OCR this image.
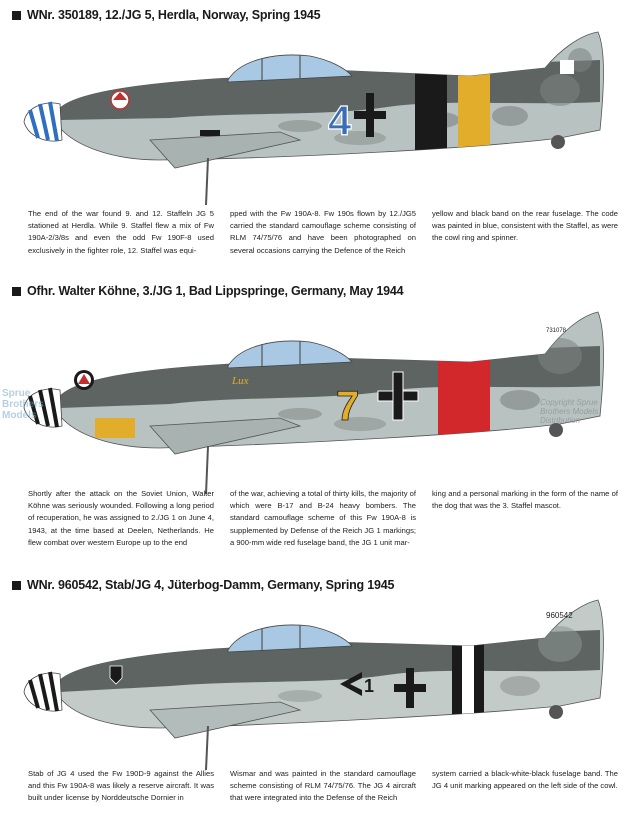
WNr. 350189, 12./JG 5, Herdla, Norway, Spring 1945
4
The end of the war found 9. and 12. Staffeln JG 5 stationed at Herdla. While 9. Staffel flew a mix of Fw 190A-2/3/8s and even the odd Fw 190F-8 used exclusively in the fighter role, 12. Staffel was equi-
pped with the Fw 190A-8. Fw 190s flown by 12./JG5 carried the standard camouflage scheme consisting of RLM 74/75/76 and have been photographed on several occasions carrying the Defence of the Reich
yellow and black band on the rear fuselage. The code was painted in blue, consistent with the Staffel, as were the cowl ring and spinner.
Ofhr. Walter Köhne, 3./JG 1, Bad Lippspringe, Germany, May 1944
Lux
7
731078
Sprue Brothers Models
Copyright Sprue Brothers Models Distribution
Shortly after the attack on the Soviet Union, Walter Köhne was seriously wounded. Following a long period of recuperation, he was assigned to 2./JG 1 on June 4, 1943, at the time based at Deelen, Netherlands. He flew combat over western Europe up to the end
of the war, achieving a total of thirty kills, the majority of which were B-17 and B-24 heavy bombers. The standard camouflage scheme of this Fw 190A-8 is supplemented by Defense of the Reich JG 1 markings; a 900-mm wide red fuselage band, the JG 1 unit mar-
king and a personal marking in the form of the name of the dog that was the 3. Staffel mascot.
WNr. 960542, Stab/JG 4, Jüterbog-Damm, Germany, Spring 1945
1
960542
Stab of JG 4 used the Fw 190D-9 against the Allies and this Fw 190A-8 was likely a reserve aircraft. It was built under license by Norddeutsche Dornier in
Wismar and was painted in the standard camouflage scheme consisting of RLM 74/75/76. The JG 4 aircraft that were integrated into the Defense of the Reich
system carried a black-white-black fuselage band. The JG 4 unit marking appeared on the left side of the cowl.
